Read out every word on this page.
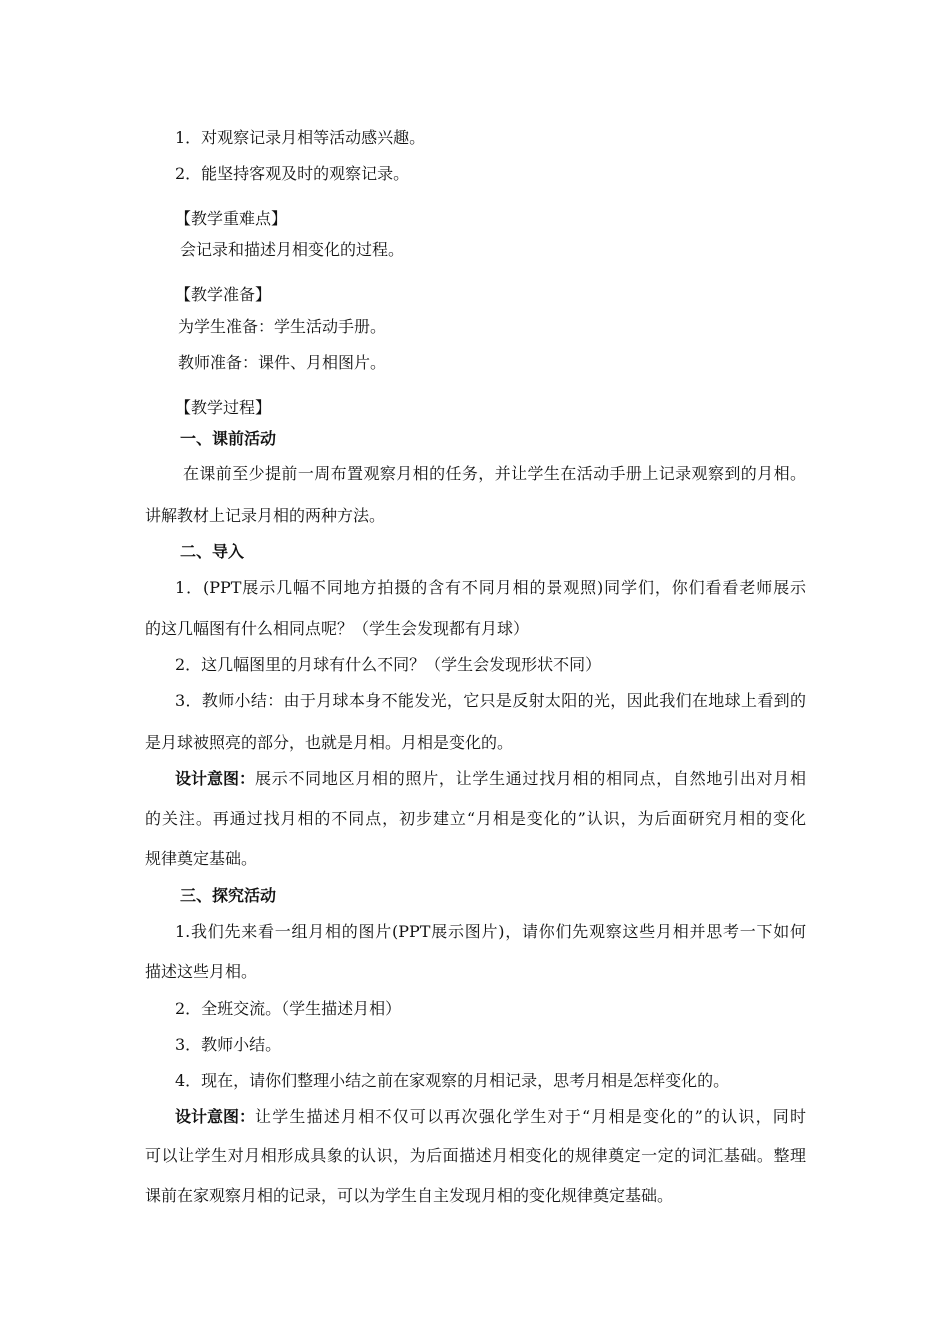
1．对观察记录月相等活动感兴趣。
2．能坚持客观及时的观察记录。
【教学重难点】
会记录和描述月相变化的过程。
【教学准备】
为学生准备：学生活动手册。
教师准备：课件、月相图片。
【教学过程】
一、课前活动
在课前至少提前一周布置观察月相的任务，并让学生在活动手册上记录观察到的月相。
讲解教材上记录月相的两种方法。
二、导入
1．(PPT展示几幅不同地方拍摄的含有不同月相的景观照)同学们，你们看看老师展示
的这几幅图有什么相同点呢？（学生会发现都有月球）
2．这几幅图里的月球有什么不同？（学生会发现形状不同）
3．教师小结：由于月球本身不能发光，它只是反射太阳的光，因此我们在地球上看到的
是月球被照亮的部分，也就是月相。月相是变化的。
设计意图： 展示不同地区月相的照片，让学生通过找月相的相同点，自然地引出对月相
的关注。再通过找月相的不同点，初步建立“月相是变化的”认识，为后面研究月相的变化
规律奠定基础。
三、探究活动
1.我们先来看一组月相的图片(PPT展示图片)，请你们先观察这些月相并思考一下如何
描述这些月相。
2．全班交流。（学生描述月相）
3．教师小结。
4．现在，请你们整理小结之前在家观察的月相记录，思考月相是怎样变化的。
设计意图： 让学生描述月相不仅可以再次强化学生对于“月相是变化的”的认识，同时
可以让学生对月相形成具象的认识，为后面描述月相变化的规律奠定一定的词汇基础。整理
课前在家观察月相的记录，可以为学生自主发现月相的变化规律奠定基础。
